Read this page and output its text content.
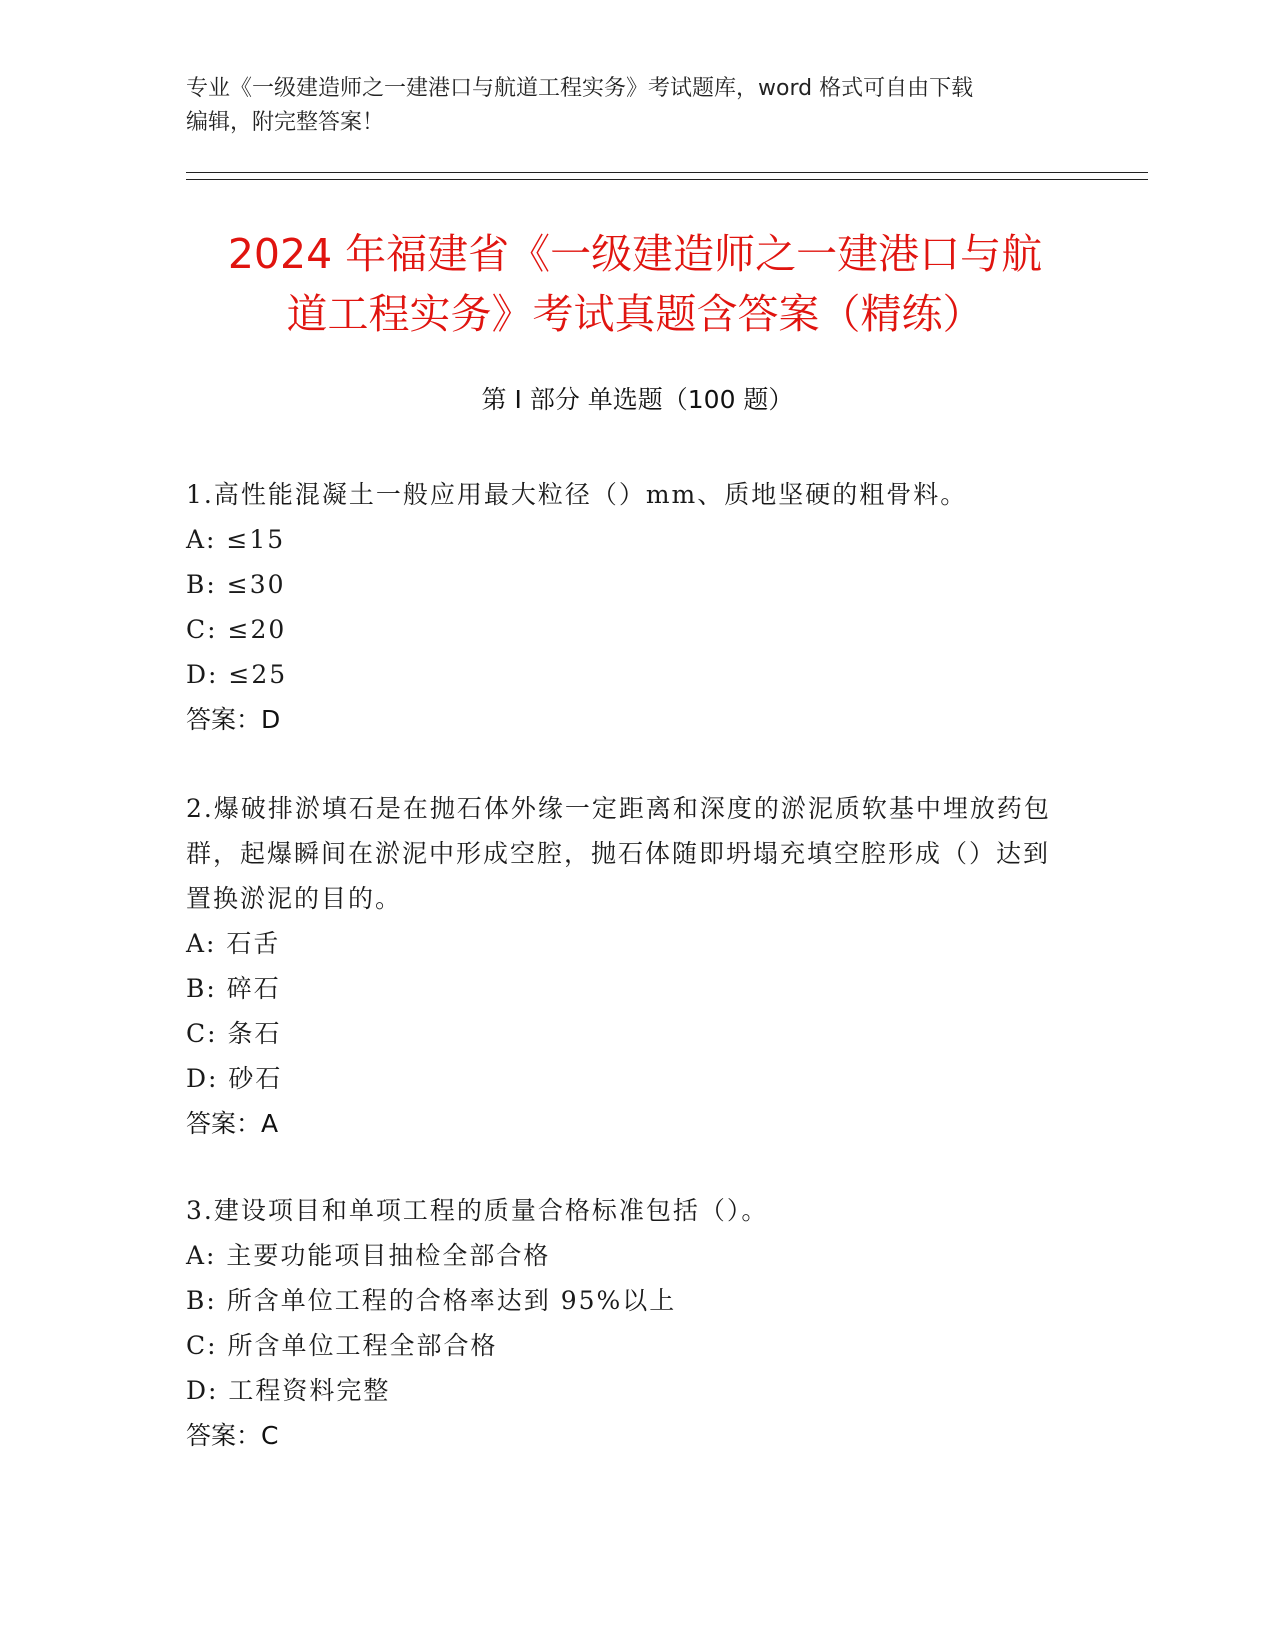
专业《一级建造师之一建港口与航道工程实务》考试题库，word 格式可自由下载
编辑，附完整答案！
2024 年福建省《一级建造师之一建港口与航
道工程实务》考试真题含答案（精练）
第 I 部分 单选题（100 题）
1.高性能混凝土一般应用最大粒径（）mm、质地坚硬的粗骨料。
A: ≤15
B: ≤30
C: ≤20
D: ≤25
答案：D
2.爆破排淤填石是在抛石体外缘一定距离和深度的淤泥质软基中埋放药包群，起爆瞬间在淤泥中形成空腔，抛石体随即坍塌充填空腔形成（）达到置换淤泥的目的。
A: 石舌
B: 碎石
C: 条石
D: 砂石
答案：A
3.建设项目和单项工程的质量合格标准包括（）。
A: 主要功能项目抽检全部合格
B: 所含单位工程的合格率达到 95%以上
C: 所含单位工程全部合格
D: 工程资料完整
答案：C
